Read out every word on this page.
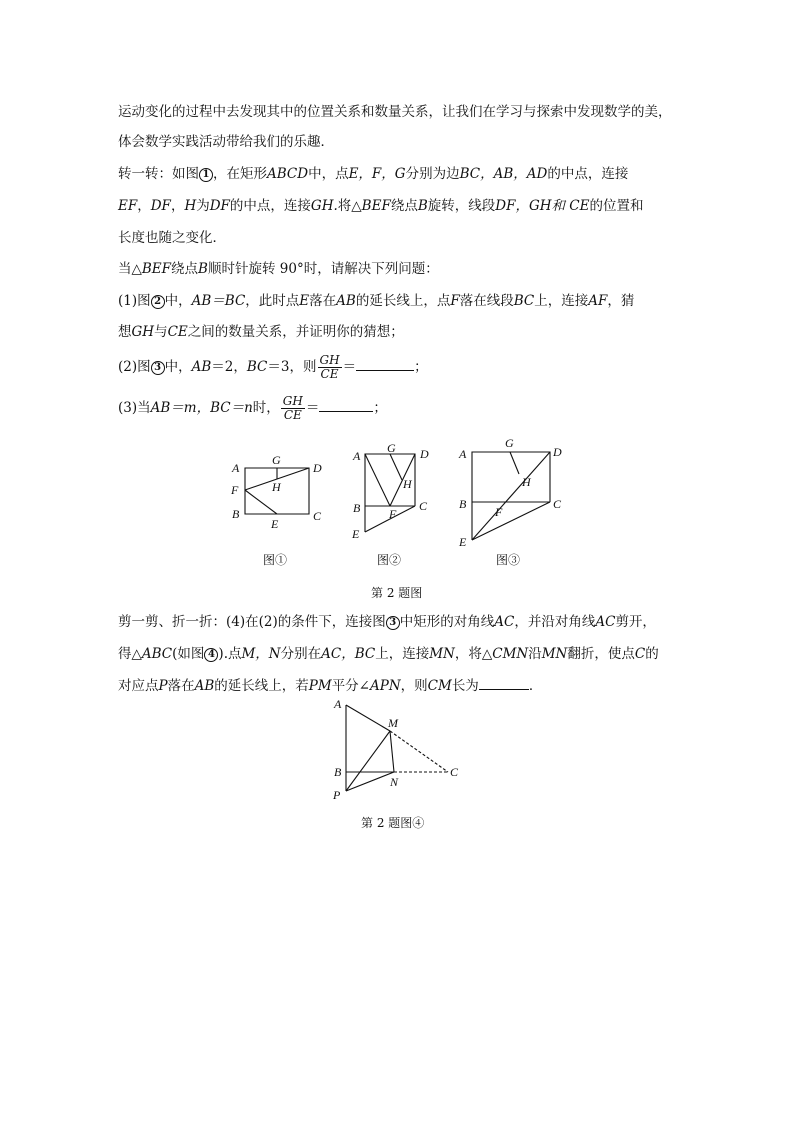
运动变化的过程中去发现其中的位置关系和数量关系，让我们在学习与探索中发现数学的美，
体会数学实践活动带给我们的乐趣．
转一转：如图 1 ，在矩形ABCD中，点E，F，G分别为边BC，AB，AD的中点，连接
EF，DF，H为DF的中点，连接GH.将△BEF绕点B旋转，线段DF，GH和 CE的位置和
长度也随之变化．
当△BEF绕点B顺时针旋转 90°时，请解决下列问题：
(1)图 2 中，AB＝BC，此时点E落在AB的延长线上，点F落在线段BC上，连接AF，猜
想GH与CE之间的数量关系，并证明你的猜想；
(2)图 3 中，AB＝2，BC＝3，则 $\frac{GH}{CE}$ ＝	；
(3)当AB＝m，BC＝n时， $\frac{GH}{CE}$ ＝	；
A
G
D
F	H
B
E
C
图①
A
G D
H
B F
C
E
图②
A
G
D
H
B
F
C
E
图③
第 2 题图
剪一剪、折一折：(4)在(2)的条件下，连接图 3 中矩形的对角线AC，并沿对角线AC剪开，
得△ABC(如图 4 ).点M，N分别在AC，BC上，连接MN，将△CMN沿MN翻折，使点C的
对应点P落在AB的延长线上，若PM平分∠APN，则CM长为	．
A
M
B	C
N
P
第 2 题图④
